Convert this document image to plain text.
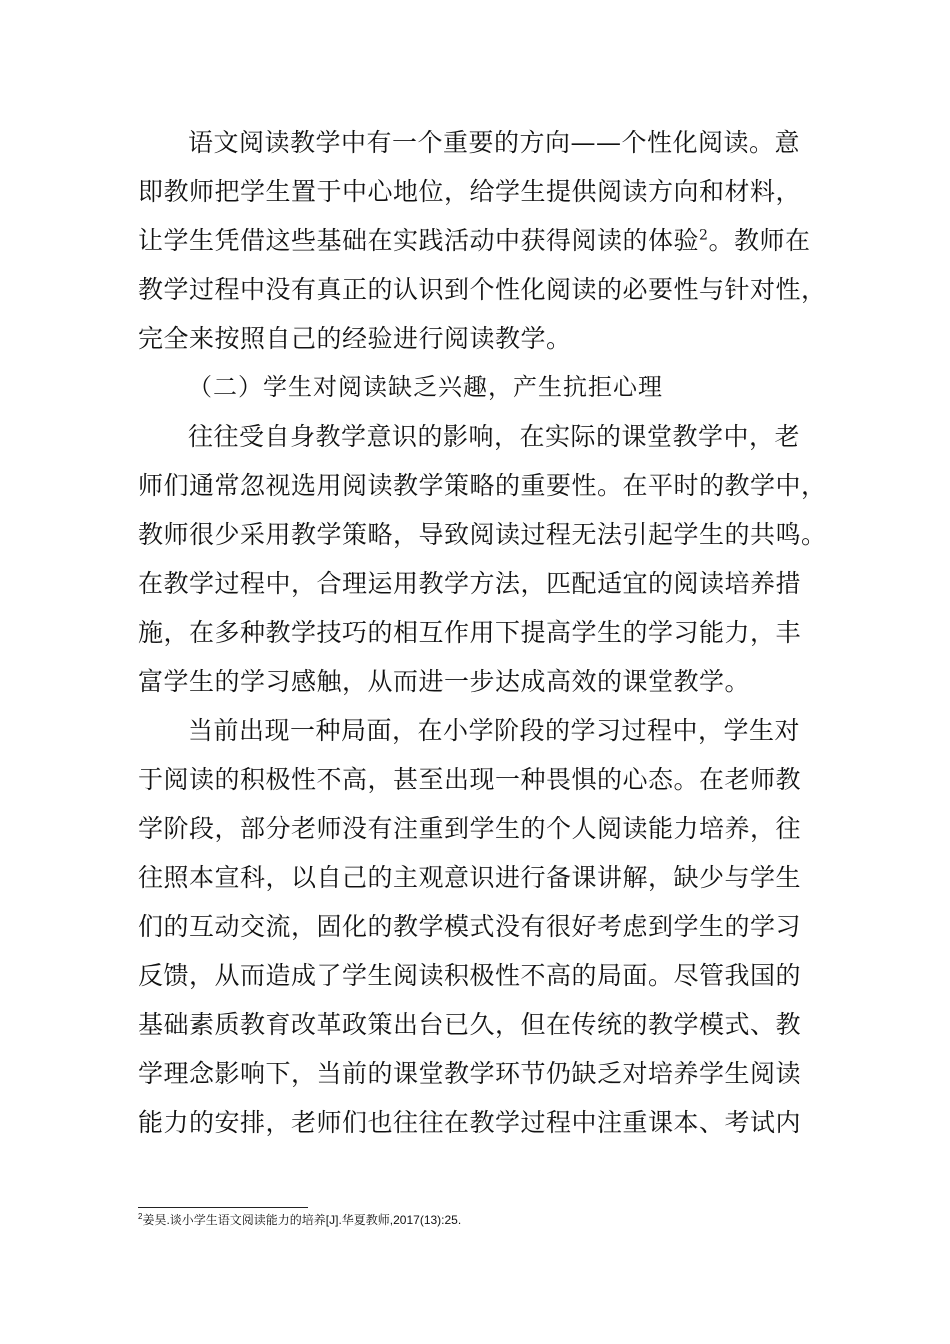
语文阅读教学中有一个重要的方向——个性化阅读。意
即教师把学生置于中心地位，给学生提供阅读方向和材料，
让学生凭借这些基础在实践活动中获得阅读的体验$^2$。教师在
教学过程中没有真正的认识到个性化阅读的必要性与针对性，
完全来按照自己的经验进行阅读教学。
（二）学生对阅读缺乏兴趣，产生抗拒心理
往往受自身教学意识的影响，在实际的课堂教学中，老
师们通常忽视选用阅读教学策略的重要性。在平时的教学中，
教师很少采用教学策略，导致阅读过程无法引起学生的共鸣。
在教学过程中，合理运用教学方法，匹配适宜的阅读培养措
施，在多种教学技巧的相互作用下提高学生的学习能力，丰
富学生的学习感触，从而进一步达成高效的课堂教学。
当前出现一种局面，在小学阶段的学习过程中，学生对
于阅读的积极性不高，甚至出现一种畏惧的心态。在老师教
学阶段，部分老师没有注重到学生的个人阅读能力培养，往
往照本宣科，以自己的主观意识进行备课讲解，缺少与学生
们的互动交流，固化的教学模式没有很好考虑到学生的学习
反馈，从而造成了学生阅读积极性不高的局面。尽管我国的
基础素质教育改革政策出台已久，但在传统的教学模式、教
学理念影响下，当前的课堂教学环节仍缺乏对培养学生阅读
能力的安排，老师们也往往在教学过程中注重课本、考试内
$^2$姜昊.谈小学生语文阅读能力的培养[J].华夏教师,2017(13):25.
